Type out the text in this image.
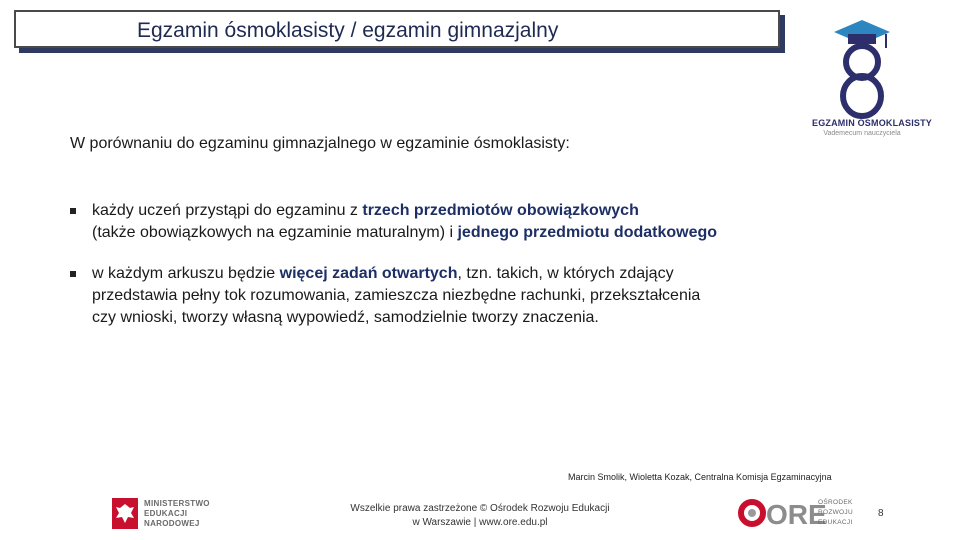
Egzamin ósmoklasisty / egzamin gimnazjalny
EGZAMIN ÓSMOKLASISTY
Vademecum nauczyciela
W porównaniu do egzaminu gimnazjalnego w egzaminie ósmoklasisty:
każdy uczeń przystąpi do egzaminu z trzech przedmiotów obowiązkowych
(także obowiązkowych na egzaminie maturalnym) i jednego przedmiotu dodatkowego
w każdym arkuszu będzie więcej zadań otwartych, tzn. takich, w których zdający
przedstawia pełny tok rozumowania, zamieszcza niezbędne rachunki, przekształcenia
czy wnioski, tworzy własną wypowiedź, samodzielnie tworzy znaczenia.
Marcin Smolik, Wioletta Kozak, Centralna Komisja Egzaminacyjna
MINISTERSTWO
EDUKACJI
NARODOWEJ
Wszelkie prawa zastrzeżone © Ośrodek Rozwoju Edukacji
w Warszawie | www.ore.edu.pl	ORE
OŚRODEK
ROZWOJU
EDUKACJI
8
